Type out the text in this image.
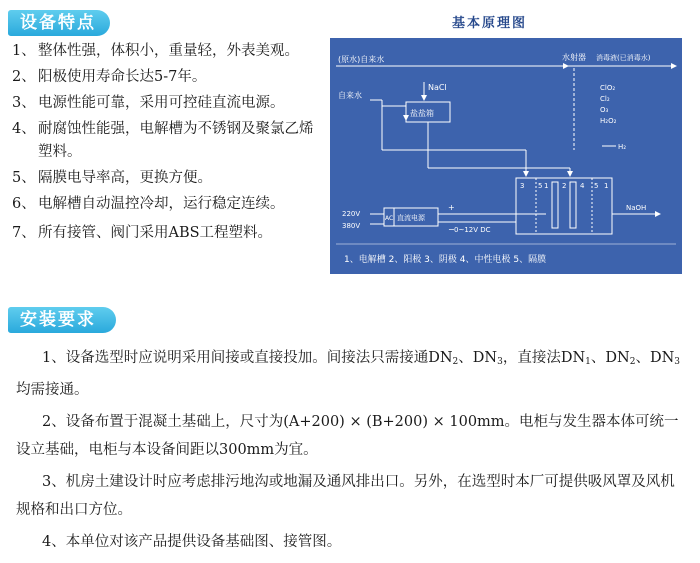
设备特点
1、 整体性强，体积小，重量轻，外表美观。
2、 阳极使用寿命长达5-7年。
3、 电源性能可靠，采用可控硅直流电源。
4、 耐腐蚀性能强，电解槽为不锈钢及聚氯乙烯塑料。
5、 隔膜电导率高，更换方便。
6、 电解槽自动温控冷却，运行稳定连续。
7、 所有接管、阀门采用ABS工程塑料。
基本原理图
(原水)自来水	水射器 消毒液(已消毒水)
自来水
NaCl
盐盐箱
ClO₂
Cl₂
O₃
H₂O₂
H₂
3 5 1 2 4 5 1
220V
380V
AC 直流电源
+
− 0~12V DC
NaOH
1、电解槽 2、阳极 3、阴极 4、中性电极 5、隔膜
安装要求

1、设备选型时应说明采用间接或直接投加。间接法只需接通$DN_2$、$DN_3$，直接法$DN_1$、$DN_2$、$DN_3$均需接通。

2、设备布置于混凝土基础上，尺寸为(A+200) × (B+200) × 100mm。电柜与发生器本体可统一设立基础，电柜与本设备间距以300mm为宜。

3、机房土建设计时应考虑排污地沟或地漏及通风排出口。另外，在选型时本厂可提供吸风罩及风机规格和出口方位。

4、本单位对该产品提供设备基础图、接管图。
